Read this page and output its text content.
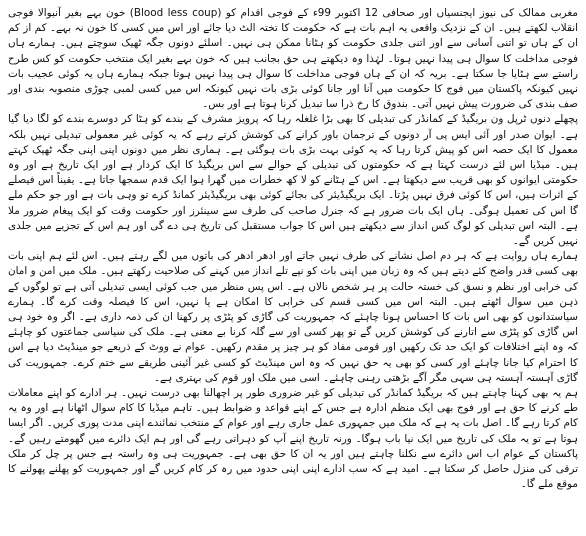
مغربی ممالک کی نیوز ایجنسیاں اور صحافی 12 اکتوبر 99ء کے فوجی اقدام کو (Blood less coup) خون بہے بغیر آنیوالا فوجی انقلاب لکھتے ہیں۔ ان کے نزدیک واقعی یہ اہم بات ہے کہ حکومت کا تختہ الٹ دیا جائے اور اس میں کسی کا خون نہ بہے۔ کم از کم ان کے ہاں تو اتنی آسانی سے اور اتنی جلدی حکومت کو ہٹانا ممکن ہی نہیں۔ اسلئے دونوں جگہ ٹھیک سوچتے ہیں۔ ہمارے ہاں فوجی مداخلت کا سوال ہی پیدا نہیں ہوتا۔ لہٰذا وہ دیکھتے ہی حق بجانب ہیں کہ خون بہے بغیر ایک منتخب حکومت کو کس طرح راستے سے ہٹایا جا سکتا ہے۔ بریہ کہ ان کے ہاں فوجی مداخلت کا سوال ہی پیدا نہیں ہوتا جبکہ ہمارے ہاں یہ کوئی عجیب بات نہیں کیونکہ پاکستان میں فوج کا حکومت میں آنا اور جانا کوئی بڑی بات نہیں کیونکہ اس میں کسی لمبی چوڑی منصوبہ بندی اور صف بندی کی ضرورت پیش نہیں آتی۔ بندوق کا رخ ذرا سا تبدیل کرنا ہوتا ہے اور بس۔

پچھلے دنوں ٹرپل ون بریگیڈ کے کمانڈر کی تبدیلی کا بھی بڑا غلغلہ رہا کہ پرویز مشرف کے بندے کو ہٹا کر دوسرے بندے کو لگا دیا گیا ہے۔ ایوان صدر اور آئی ایس پی آر دونوں کے ترجمان باور کرانے کی کوشش کرتے رہے کہ یہ کوئی غیر معمولی تبدیلی نہیں بلکہ معمول کا ایک حصہ اس کو پیش کرتا رہا کہ یہ کوئی بہت بڑی بات ہوگئی ہے۔ ہماری نظر میں دونوں اپنی اپنی جگہ ٹھیک کہتے ہیں۔ میڈیا اس لئے درست کہتا ہے کہ حکومتوں کی تبدیلی کے حوالے سے اس بریگیڈ کا ایک کردار ہے اور ایک تاریخ ہے اور وہ حکومتی ایوانوں کو بھی قریب سے دیکھتا ہے۔ اس کے ہٹانے کو لا کھ خطرات میں گھرا ہوا ایک قدم سمجھا جاتا ہے۔ یقیناً اس فیصلے کے اثرات ہیں، اس کا کوئی فرق نہیں پڑتا۔ ایک بریگیڈیئر کی بجائے کوئی بھی بریگیڈیئر کمانڈ کرے تو وہی بات ہے اور جو حکم ملے گا اس کی تعمیل ہوگی۔ ہاں ایک بات ضرور ہے کہ جنرل صاحب کی طرف سے سینئرز اور حکومت وقت کو ایک پیغام ضرور ملا ہے۔ البتہ اس تبدیلی کو لوگ کس انداز سے دیکھتے ہیں اس کا جواب مستقبل کی تاریخ ہی دے گی اور ہم اس کے تجزیے میں جلدی نہیں کریں گے۔

ہمارے ہاں روایت ہے کہ ہر دم اصل نشانے کی طرف نہیں جاتے اور ادھر ادھر کی باتوں میں لگے رہتے ہیں۔ اس لئے ہم اپنی بات بھی کسی قدر واضح کئے دیتے ہیں کہ وہ زبان میں اپنی بات کو نپے تلے انداز میں کہنے کی صلاحیت رکھتے ہیں۔ ملک میں امن و امان کی خرابی اور نظم و نسق کی خستہ حالت پر ہر شخص نالاں ہے۔ اس پس منظر میں جب کوئی ایسی تبدیلی آتی ہے تو لوگوں کے ذہن میں سوال اٹھتے ہیں۔ البتہ اس میں کسی قسم کی خرابی کا امکان ہے یا نہیں، اس کا فیصلہ وقت کرے گا۔ ہمارے سیاستدانوں کو بھی اس بات کا احساس ہونا چاہئے کہ جمہوریت کی گاڑی کو پٹڑی پر رکھنا ان کی ذمہ داری ہے۔ اگر وہ خود ہی اس گاڑی کو پٹڑی سے اتارنے کی کوشش کریں گے تو پھر کسی اور سے گلہ کرنا بے معنی ہے۔ ملک کی سیاسی جماعتوں کو چاہئے کہ وہ اپنے اختلافات کو ایک حد تک رکھیں اور قومی مفاد کو ہر چیز پر مقدم رکھیں۔ عوام نے ووٹ کے ذریعے جو مینڈیٹ دیا ہے اس کا احترام کیا جانا چاہئے اور کسی کو بھی یہ حق نہیں کہ وہ اس مینڈیٹ کو کسی غیر آئینی طریقے سے ختم کرے۔ جمہوریت کی گاڑی آہستہ آہستہ ہی سہی مگر آگے بڑھتی رہنی چاہئے۔ اسی میں ملک اور قوم کی بہتری ہے۔

ہم یہ بھی کہنا چاہتے ہیں کہ بریگیڈ کمانڈر کی تبدیلی کو غیر ضروری طور پر اچھالنا بھی درست نہیں۔ ہر ادارے کو اپنے معاملات طے کرنے کا حق ہے اور فوج بھی ایک منظم ادارہ ہے جس کے اپنے قواعد و ضوابط ہیں۔ تاہم میڈیا کا کام سوال اٹھانا ہے اور وہ یہ کام کرتا رہے گا۔ اصل بات یہ ہے کہ ملک میں جمہوری عمل جاری رہے اور عوام کے منتخب نمائندے اپنی مدت پوری کریں۔ اگر ایسا ہوتا ہے تو یہ ملک کی تاریخ میں ایک نیا باب ہوگا۔ ورنہ تاریخ اپنے آپ کو دہراتی رہے گی اور ہم ایک دائرے میں گھومتے رہیں گے۔ پاکستان کے عوام اب اس دائرے سے نکلنا چاہتے ہیں اور یہ ان کا حق بھی ہے۔ جمہوریت ہی وہ راستہ ہے جس پر چل کر ملک ترقی کی منزل حاصل کر سکتا ہے۔ امید ہے کہ سب ادارے اپنی اپنی حدود میں رہ کر کام کریں گے اور جمہوریت کو پھلنے پھولنے کا موقع ملے گا۔
